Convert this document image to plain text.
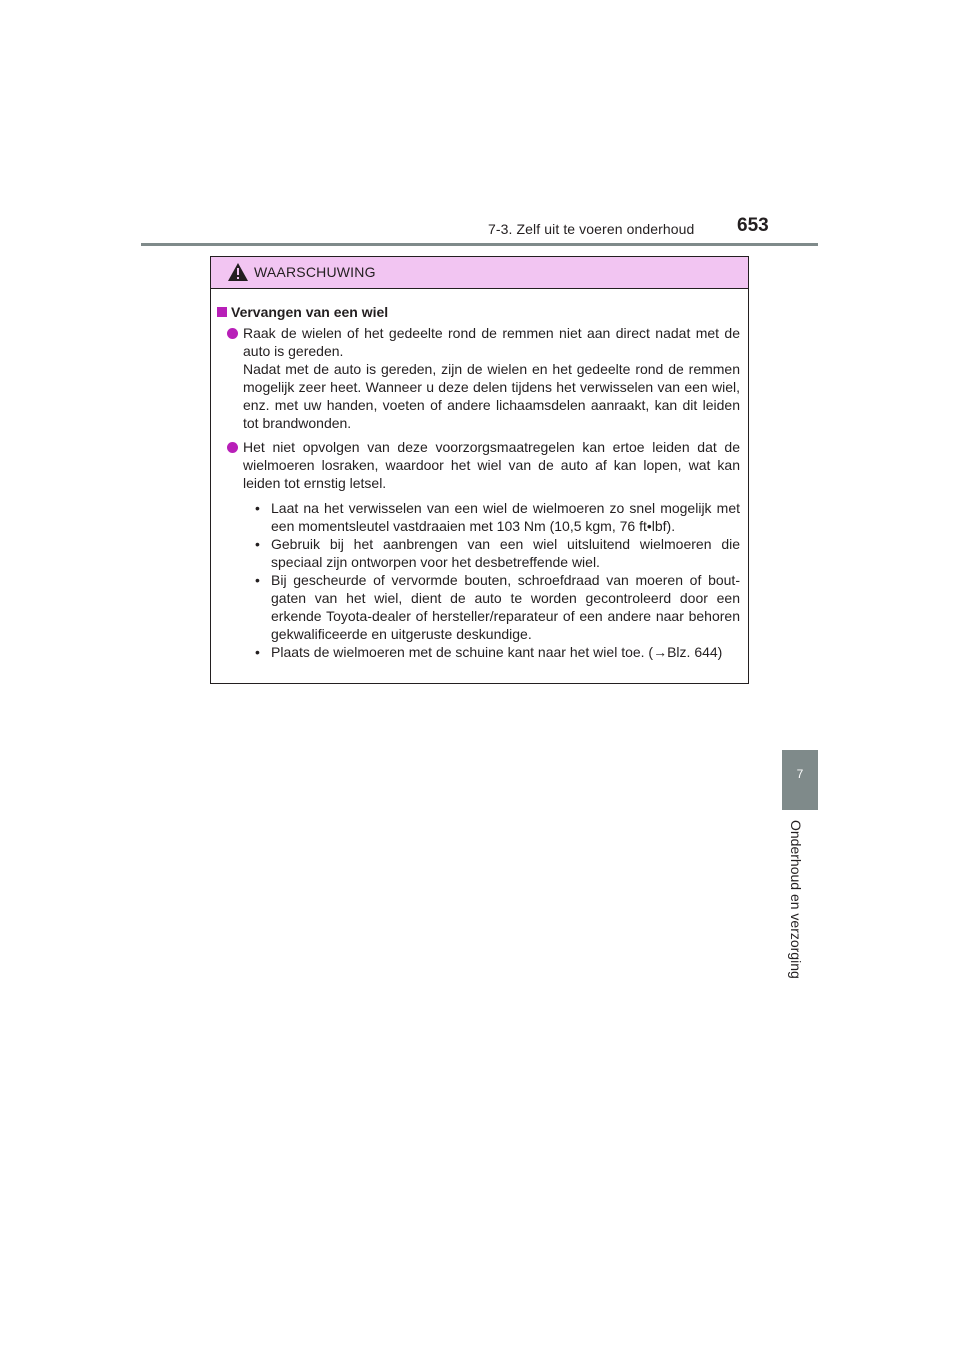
7-3. Zelf uit te voeren onderhoud 653
7
Onderhoud en verzorging
WAARSCHUWING
Vervangen van een wiel
Raak de wielen of het gedeelte rond de remmen niet aan direct nadat met de auto is gereden.
Nadat met de auto is gereden, zijn de wielen en het gedeelte rond de remmen mogelijk zeer heet. Wanneer u deze delen tijdens het verwisselen van een wiel, enz. met uw handen, voeten of andere lichaamsdelen aanraakt, kan dit leiden tot brandwonden.
Het niet opvolgen van deze voorzorgsmaatregelen kan ertoe leiden dat de wielmoeren losraken, waardoor het wiel van de auto af kan lopen, wat kan leiden tot ernstig letsel.
• Laat na het verwisselen van een wiel de wielmoeren zo snel mogelijk met een momentsleutel vastdraaien met 103 Nm (10,5 kgm, 76 ft•lbf).
• Gebruik bij het aanbrengen van een wiel uitsluitend wielmoeren die speciaal zijn ontworpen voor het desbetreffende wiel.
• Bij gescheurde of vervormde bouten, schroefdraad van moeren of boutgaten van het wiel, dient de auto te worden gecontroleerd door een erkende Toyota-dealer of hersteller/reparateur of een andere naar behoren gekwalificeerde en uitgeruste deskundige.
• Plaats de wielmoeren met de schuine kant naar het wiel toe. (→Blz. 644)
